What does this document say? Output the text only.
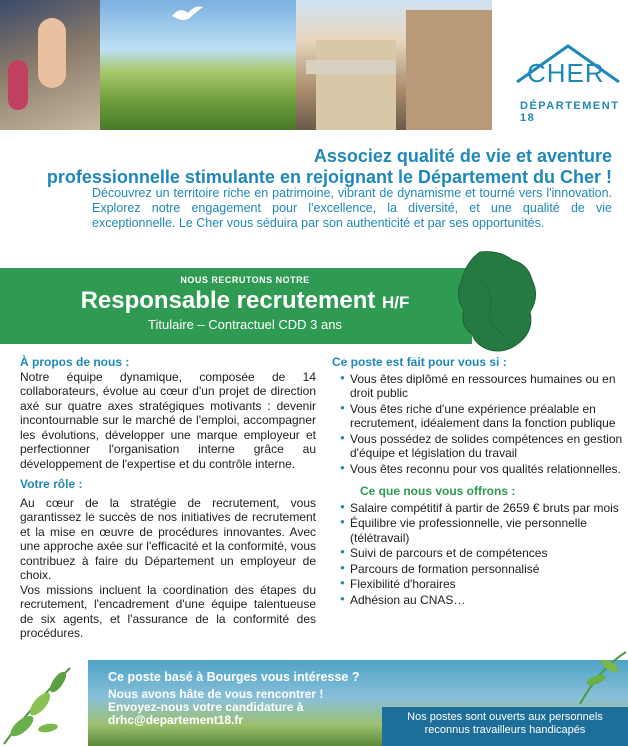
CHER
DÉPARTEMENT 18
Associez qualité de vie et aventure
professionnelle stimulante en rejoignant le Département du Cher !
Découvrez un territoire riche en patrimoine, vibrant de dynamisme et tourné vers l'innovation. Explorez notre engagement pour l'excellence, la diversité, et une qualité de vie exceptionnelle. Le Cher vous séduira par son authenticité et par ses opportunités.
NOUS RECRUTONS NOTRE
Responsable recrutement H/F
Titulaire – Contractuel CDD 3 ans
À propos de nous :

Notre équipe dynamique, composée de 14 collaborateurs, évolue au cœur d'un projet de direction axé sur quatre axes stratégiques motivants : devenir incontournable sur le marché de l'emploi, accompagner les évolutions, développer une marque employeur et perfectionner l'organisation interne grâce au développement de l'expertise et du contrôle interne.

Votre rôle :

Au cœur de la stratégie de recrutement, vous garantissez le succès de nos initiatives de recrutement et la mise en œuvre de procédures innovantes. Avec une approche axée sur l'efficacité et la conformité, vous contribuez à faire du Département un employeur de choix.

Vos missions incluent la coordination des étapes du recrutement, l'encadrement d'une équipe talentueuse de six agents, et l'assurance de la conformité des procédures.

Ce poste est fait pour vous si :
● Vous êtes diplômé en ressources humaines ou en droit public
● Vous êtes riche d'une expérience préalable en recrutement, idéalement dans la fonction publique
● Vous possédez de solides compétences en gestion d'équipe et législation du travail
● Vous êtes reconnu pour vos qualités relationnelles.
Ce que nous vous offrons :
● Salaire compétitif à partir de 2659 € bruts par mois
● Équilibre vie professionnelle, vie personnelle (télétravail)
● Suivi de parcours et de compétences
● Parcours de formation personnalisé
● Flexibilité d'horaires
● Adhésion au CNAS…
Ce poste basé à Bourges vous intéresse ?
Nous avons hâte de vous rencontrer !
Envoyez-nous votre candidature à
drhc@departement18.fr	Nos postes sont ouverts aux personnels
reconnus travailleurs handicapés
